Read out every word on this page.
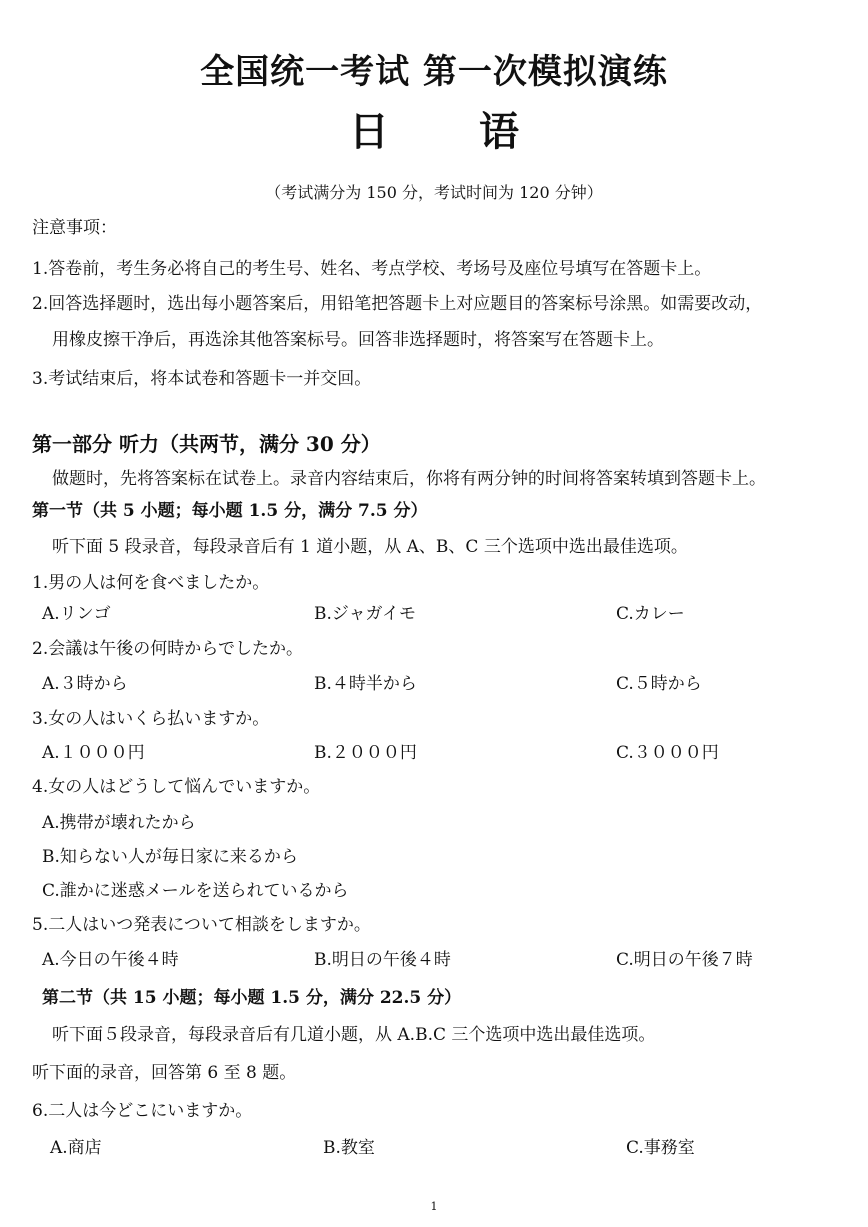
全国统一考试 第一次模拟演练
日 语
（考试满分为 150 分，考试时间为 120 分钟）
注意事项：
1.答卷前，考生务必将自己的考生号、姓名、考点学校、考场号及座位号填写在答题卡上。
2.回答选择题时，选出每小题答案后，用铅笔把答题卡上对应题目的答案标号涂黑。如需要改动，
用橡皮擦干净后，再选涂其他答案标号。回答非选择题时，将答案写在答题卡上。
3.考试结束后，将本试卷和答题卡一并交回。
第一部分 听力（共两节，满分 30 分）
做题时，先将答案标在试卷上。录音内容结束后，你将有两分钟的时间将答案转填到答题卡上。
第一节（共 5 小题；每小题 1.5 分，满分 7.5 分）
听下面 5 段录音，每段录音后有 1 道小题，从 A、B、C 三个选项中选出最佳选项。
1.男の人は何を食べましたか。
A.リンゴ	B.ジャガイモ	C.カレー
2.会議は午後の何時からでしたか。
A.３時から	B.４時半から	C.５時から
3.女の人はいくら払いますか。
A.１０００円	B.２０００円	C.３０００円
4.女の人はどうして悩んでいますか。
A.携帯が壊れたから
B.知らない人が毎日家に来るから
C.誰かに迷惑メールを送られているから
5.二人はいつ発表について相談をしますか。
A.今日の午後４時	B.明日の午後４時	C.明日の午後７時
第二节（共 15 小题；每小题 1.5 分，满分 22.5 分）
听下面５段录音，每段录音后有几道小题，从 A.B.C 三个选项中选出最佳选项。
听下面的录音，回答第 6 至 8 题。
6.二人は今どこにいますか。
A.商店	B.教室	C.事務室
1
